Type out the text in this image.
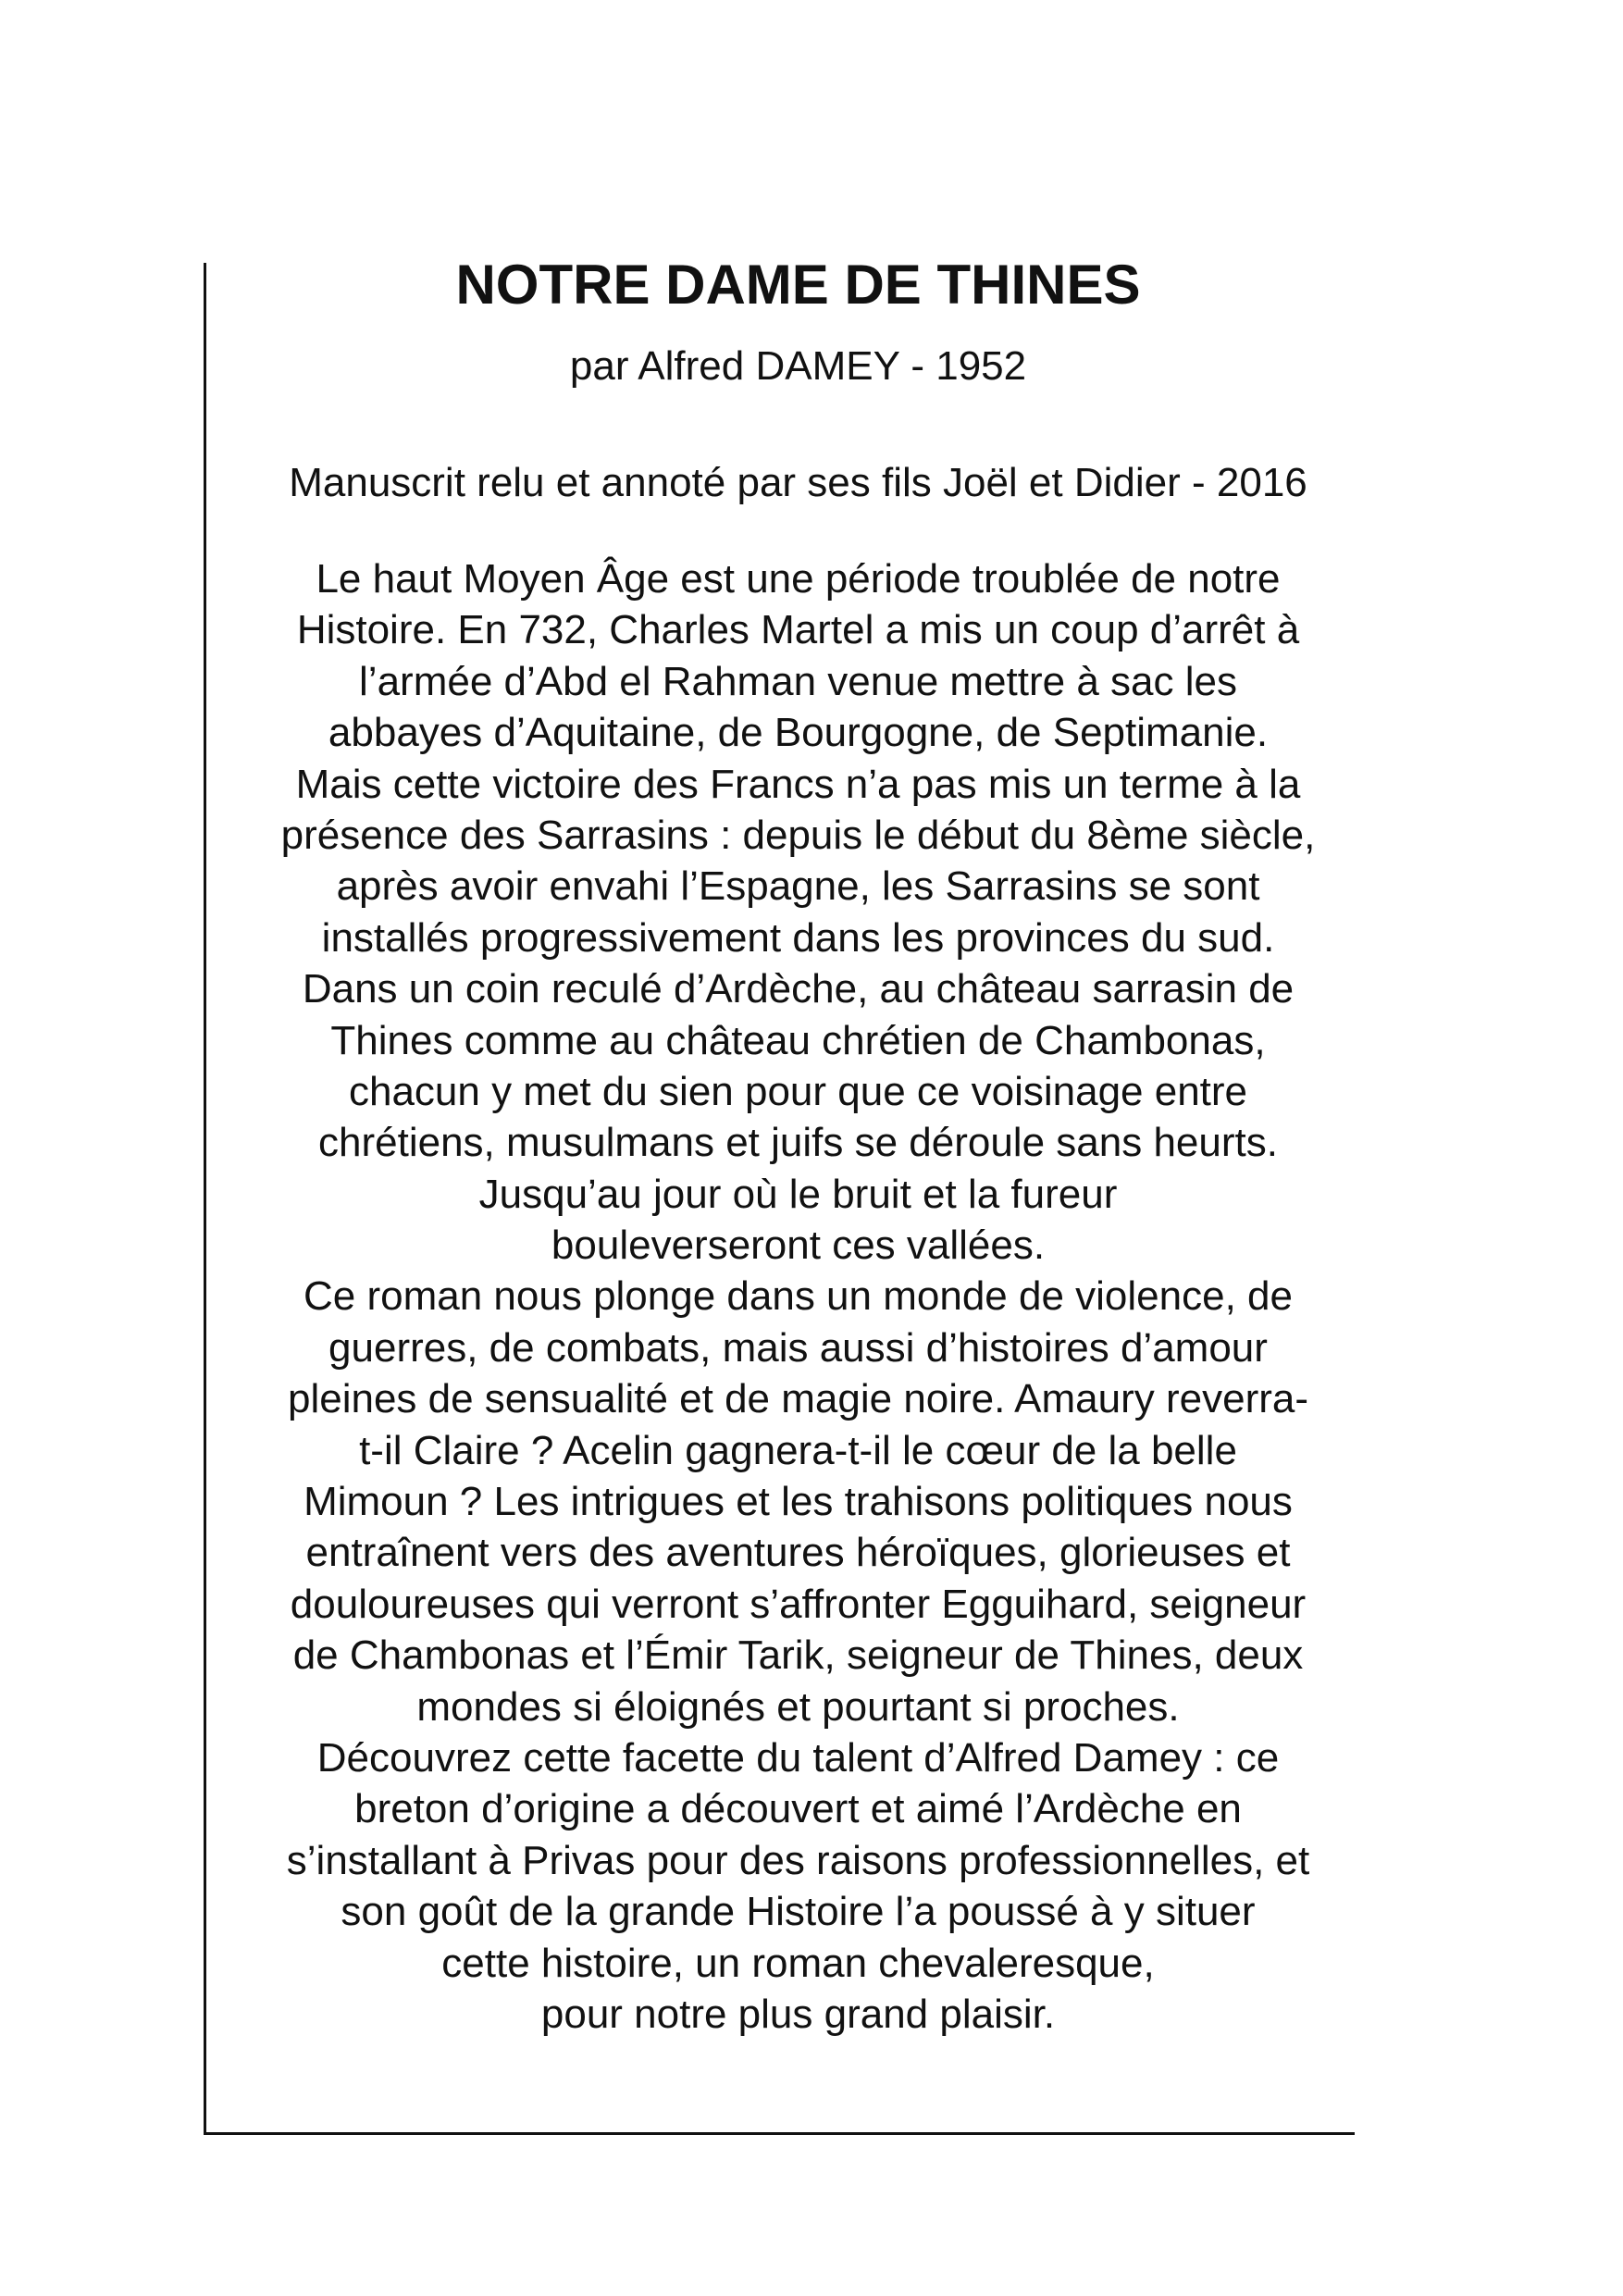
NOTRE DAME DE THINES
par Alfred DAMEY - 1952
Manuscrit relu et annoté par ses fils Joël et Didier - 2016
Le haut Moyen Âge est une période troublée de notre
Histoire. En 732, Charles Martel a mis un coup d’arrêt à
l’armée d’Abd el Rahman venue mettre à sac les
abbayes d’Aquitaine, de Bourgogne, de Septimanie.
Mais cette victoire des Francs n’a pas mis un terme à la
présence des Sarrasins : depuis le début du 8ème siècle,
après avoir envahi l’Espagne, les Sarrasins se sont
installés progressivement dans les provinces du sud.
Dans un coin reculé d’Ardèche, au château sarrasin de
Thines comme au château chrétien de Chambonas,
chacun y met du sien pour que ce voisinage entre
chrétiens, musulmans et juifs se déroule sans heurts.
Jusqu’au jour où le bruit et la fureur
bouleverseront ces vallées.
Ce roman nous plonge dans un monde de violence, de
guerres, de combats, mais aussi d’histoires d’amour
pleines de sensualité et de magie noire. Amaury reverra-
t-il Claire ? Acelin gagnera-t-il le cœur de la belle
Mimoun ? Les intrigues et les trahisons politiques nous
entraînent vers des aventures héroïques, glorieuses et
douloureuses qui verront s’affronter Egguihard, seigneur
de Chambonas et l’Émir Tarik, seigneur de Thines, deux
mondes si éloignés et pourtant si proches.
Découvrez cette facette du talent d’Alfred Damey : ce
breton d’origine a découvert et aimé l’Ardèche en
s’installant à Privas pour des raisons professionnelles, et
son goût de la grande Histoire l’a poussé à y situer
cette histoire, un roman chevaleresque,
pour notre plus grand plaisir.
